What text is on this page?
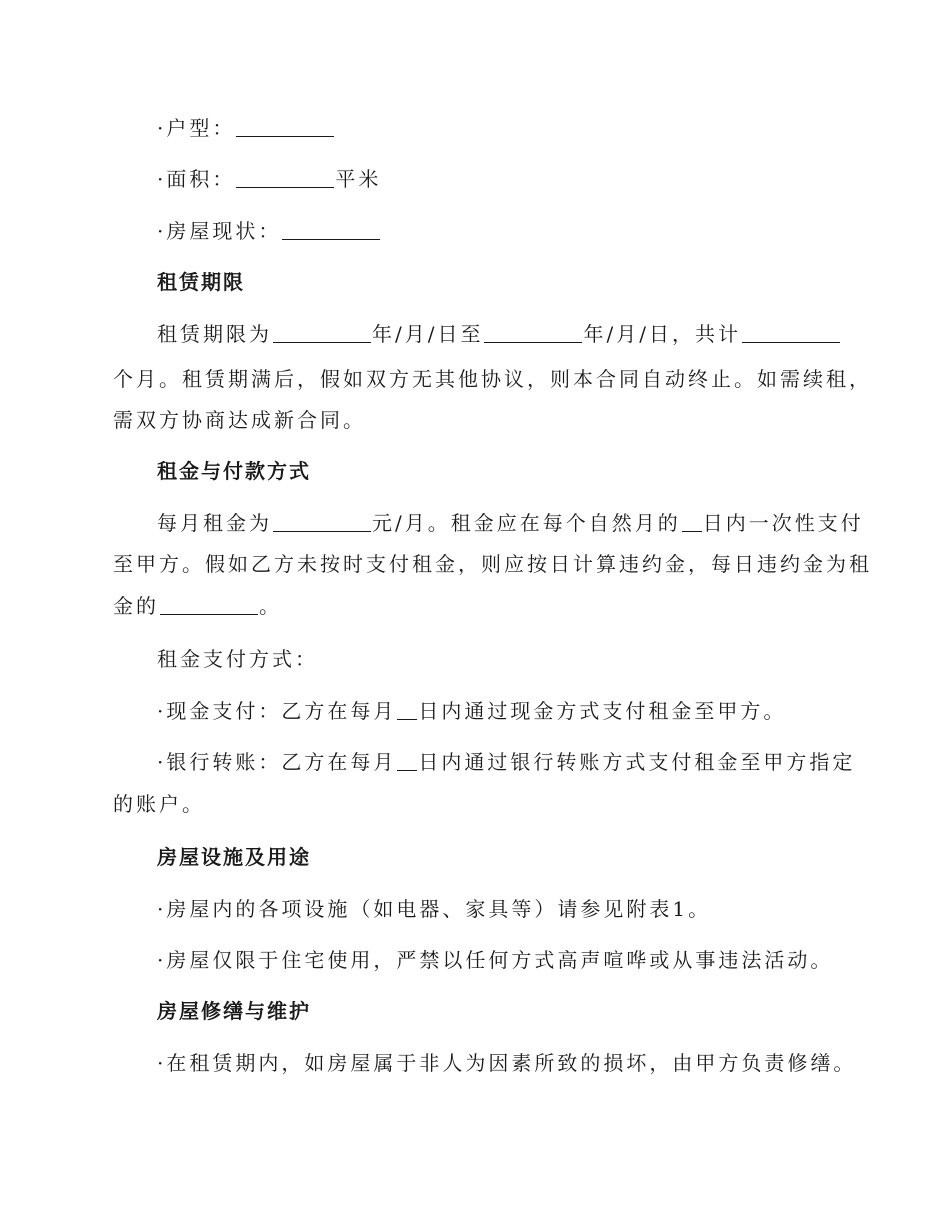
·户型：
·面积：	平米
·房屋现状：
租赁期限
租赁期限为	年/月/日至	年/月/日，共计
个月。租赁期满后，假如双方无其他协议，则本合同自动终止。如需续租，
需双方协商达成新合同。
租金与付款方式
每月租金为	元/月。租金应在每个自然月的 日内一次性支付
至甲方。假如乙方未按时支付租金，则应按日计算违约金，每日违约金为租
金的	。
租金支付方式：
·现金支付：乙方在每月 日内通过现金方式支付租金至甲方。
·银行转账：乙方在每月 日内通过银行转账方式支付租金至甲方指定
的账户。
房屋设施及用途
·房屋内的各项设施（如电器、家具等）请参见附表1。
·房屋仅限于住宅使用，严禁以任何方式高声喧哗或从事违法活动。
房屋修缮与维护
·在租赁期内，如房屋属于非人为因素所致的损坏，由甲方负责修缮。
